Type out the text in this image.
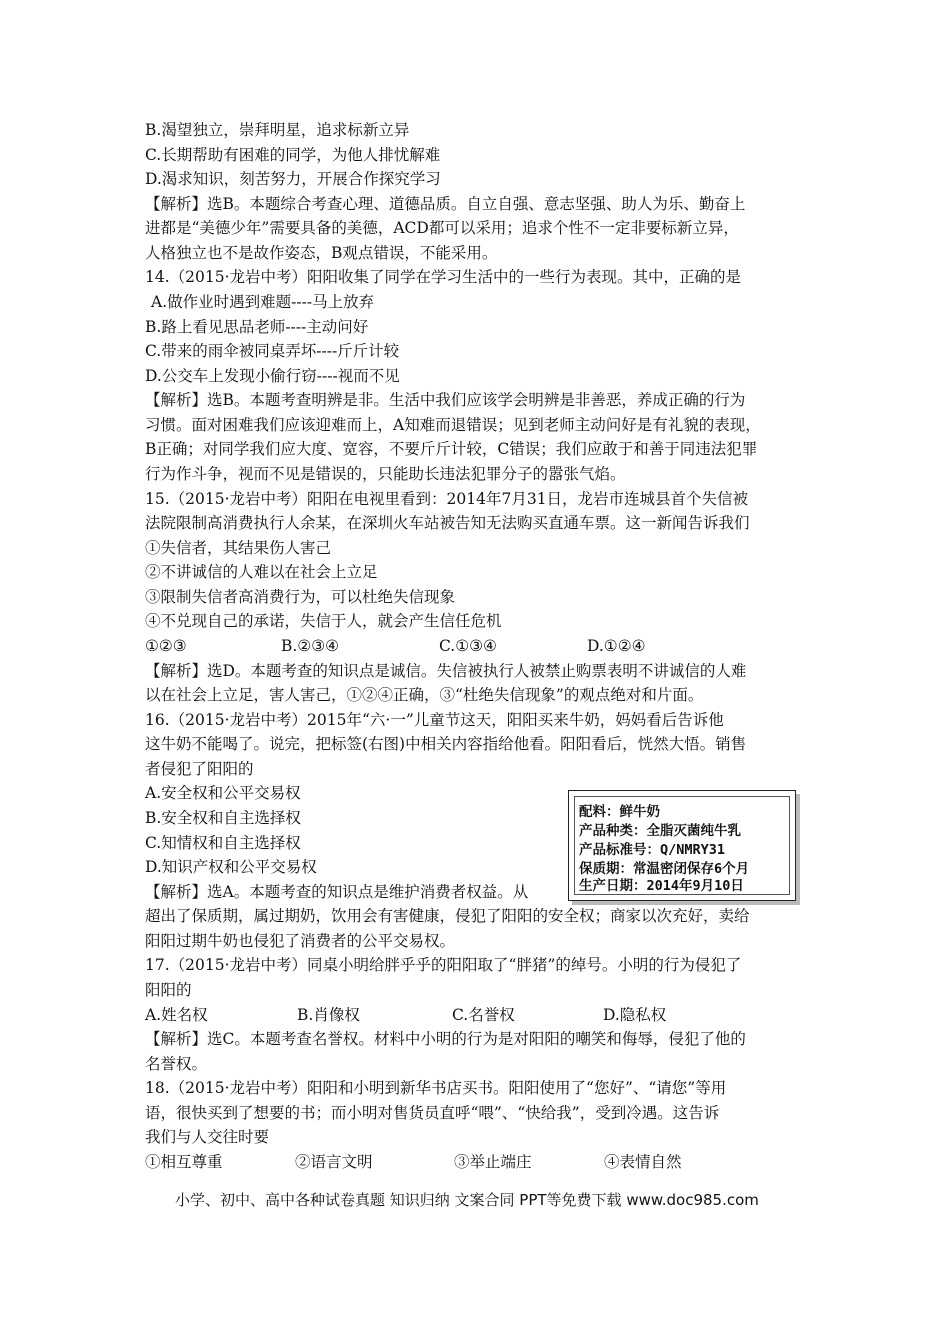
B.渴望独立，崇拜明星，追求标新立异
C.长期帮助有困难的同学，为他人排忧解难
D.渴求知识，刻苦努力，开展合作探究学习
【解析】选B。本题综合考查心理、道德品质。自立自强、意志坚强、助人为乐、勤奋上
进都是“美德少年”需要具备的美德，ACD都可以采用；追求个性不一定非要标新立异，
人格独立也不是故作姿态，B观点错误，不能采用。
14.（2015·龙岩中考）阳阳收集了同学在学习生活中的一些行为表现。其中，正确的是
A.做作业时遇到难题----马上放弃
B.路上看见思品老师----主动问好
C.带来的雨伞被同桌弄坏----斤斤计较
D.公交车上发现小偷行窃----视而不见
【解析】选B。本题考查明辨是非。生活中我们应该学会明辨是非善恶，养成正确的行为
习惯。面对困难我们应该迎难而上，A知难而退错误；见到老师主动问好是有礼貌的表现，
B正确；对同学我们应大度、宽容，不要斤斤计较，C错误；我们应敢于和善于同违法犯罪
行为作斗争，视而不见是错误的，只能助长违法犯罪分子的嚣张气焰。
15.（2015·龙岩中考）阳阳在电视里看到：2014年7月31日，龙岩市连城县首个失信被
法院限制高消费执行人余某，在深圳火车站被告知无法购买直通车票。这一新闻告诉我们
①失信者，其结果伤人害己
②不讲诚信的人难以在社会上立足
③限制失信者高消费行为，可以杜绝失信现象
④不兑现自己的承诺，失信于人，就会产生信任危机
①②③	B.②③④	C.①③④	D.①②④
【解析】选D。本题考查的知识点是诚信。失信被执行人被禁止购票表明不讲诚信的人难
以在社会上立足，害人害己，①②④正确，③“杜绝失信现象”的观点绝对和片面。
16.（2015·龙岩中考）2015年“六·一”儿童节这天，阳阳买来牛奶，妈妈看后告诉他
这牛奶不能喝了。说完，把标签(右图)中相关内容指给他看。阳阳看后，恍然大悟。销售
者侵犯了阳阳的
A.安全权和公平交易权
B.安全权和自主选择权
C.知情权和自主选择权
D.知识产权和公平交易权
【解析】选A。本题考查的知识点是维护消费者权益。从
超出了保质期，属过期奶，饮用会有害健康，侵犯了阳阳的安全权；商家以次充好，卖给
阳阳过期牛奶也侵犯了消费者的公平交易权。
17.（2015·龙岩中考）同桌小明给胖乎乎的阳阳取了“胖猪”的绰号。小明的行为侵犯了
阳阳的
A.姓名权	B.肖像权	C.名誉权	D.隐私权
【解析】选C。本题考查名誉权。材料中小明的行为是对阳阳的嘲笑和侮辱，侵犯了他的
名誉权。
18.（2015·龙岩中考）阳阳和小明到新华书店买书。阳阳使用了“您好”、“请您”等用
语，很快买到了想要的书；而小明对售货员直呼“喂”、“快给我”，受到冷遇。这告诉
我们与人交往时要
①相互尊重	②语言文明	③举止端庄	④表情自然
配料：鲜牛奶
产品种类：全脂灭菌纯牛乳
产品标准号：Q/NMRY31
保质期：常温密闭保存6个月
生产日期：2014年9月10日
小学、初中、高中各种试卷真题 知识归纳 文案合同 PPT等免费下载 www.doc985.com
